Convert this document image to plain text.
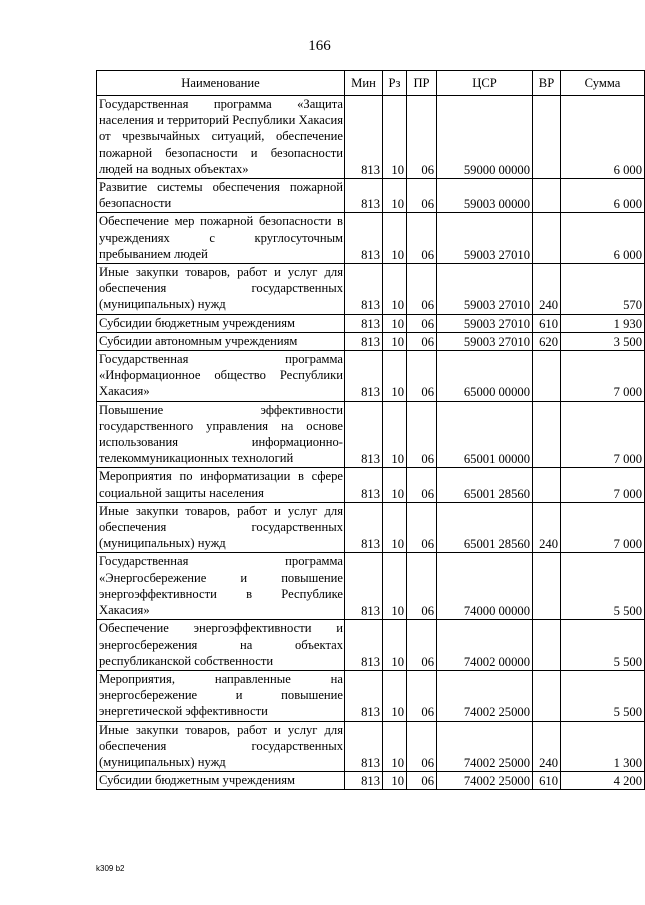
166
Наименование	Мин	Рз	ПР	ЦСР	ВР	Сумма
Государственная программа «Защита населения и территорий Республики Хакасия от чрезвычайных ситуаций, обеспечение пожарной безопасности и безопасности людей на водных объектах»	813	10	06	59000 00000		6 000
Развитие системы обеспечения пожарной безопасности	813	10	06	59003 00000		6 000
Обеспечение мер пожарной безопасности в учреждениях с круглосуточным пребыванием людей	813	10	06	59003 27010		6 000
Иные закупки товаров, работ и услуг для обеспечения государственных (муниципальных) нужд	813	10	06	59003 27010	240	570
Субсидии бюджетным учреждениям	813	10	06	59003 27010	610	1 930
Субсидии автономным учреждениям	813	10	06	59003 27010	620	3 500
Государственная программа «Информационное общество Республики Хакасия»	813	10	06	65000 00000		7 000
Повышение эффективности государственного управления на основе использования информационно-телекоммуникационных технологий	813	10	06	65001 00000		7 000
Мероприятия по информатизации в сфере социальной защиты населения	813	10	06	65001 28560		7 000
Иные закупки товаров, работ и услуг для обеспечения государственных (муниципальных) нужд	813	10	06	65001 28560	240	7 000
Государственная программа «Энергосбережение и повышение энергоэффективности в Республике Хакасия»	813	10	06	74000 00000		5 500
Обеспечение энергоэффективности и энергосбережения на объектах республиканской собственности	813	10	06	74002 00000		5 500
Мероприятия, направленные на энергосбережение и повышение энергетической эффективности	813	10	06	74002 25000		5 500
Иные закупки товаров, работ и услуг для обеспечения государственных (муниципальных) нужд	813	10	06	74002 25000	240	1 300
Субсидии бюджетным учреждениям	813	10	06	74002 25000	610	4 200
k309 b2
